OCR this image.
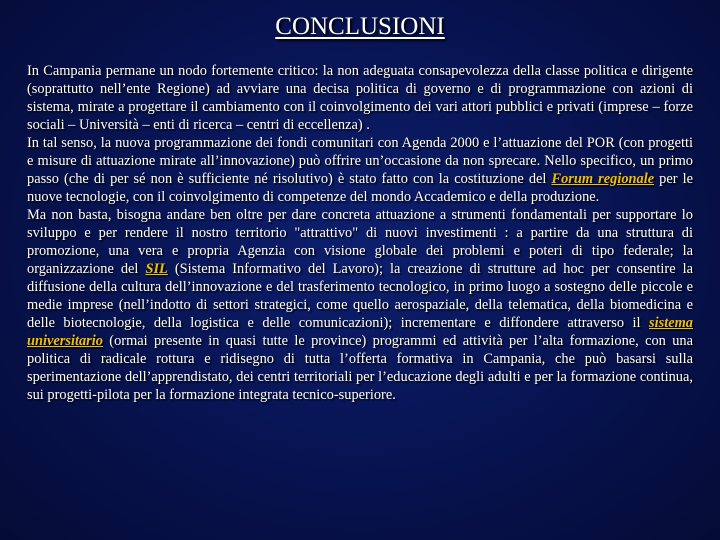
CONCLUSIONI

In Campania permane un nodo fortemente critico: la non adeguata consapevolezza della classe politica e dirigente (soprattutto nell’ente Regione) ad avviare una decisa politica di governo e di programmazione con azioni di sistema, mirate a progettare il cambiamento con il coinvolgimento dei vari attori pubblici e privati (imprese – forze sociali – Università – enti di ricerca – centri di eccellenza) .

In tal senso, la nuova programmazione dei fondi comunitari con Agenda 2000 e l’attuazione del POR (con progetti e misure di attuazione mirate all’innovazione) può offrire un’occasione da non sprecare. Nello specifico, un primo passo (che di per sé non è sufficiente né risolutivo) è stato fatto con la costituzione del Forum regionale per le nuove tecnologie, con il coinvolgimento di competenze del mondo Accademico e della produzione.

Ma non basta, bisogna andare ben oltre per dare concreta attuazione a strumenti fondamentali per supportare lo sviluppo e per rendere il nostro territorio "attrattivo" di nuovi investimenti : a partire da una struttura di promozione, una vera e propria Agenzia con visione globale dei problemi e poteri di tipo federale; la organizzazione del SIL (Sistema Informativo del Lavoro); la creazione di strutture ad hoc per consentire la diffusione della cultura dell’innovazione e del trasferimento tecnologico, in primo luogo a sostegno delle piccole e medie imprese (nell’indotto di settori strategici, come quello aerospaziale, della telematica, della biomedicina e delle biotecnologie, della logistica e delle comunicazioni); incrementare e diffondere attraverso il sistema universitario (ormai presente in quasi tutte le province) programmi ed attività per l’alta formazione, con una politica di radicale rottura e ridisegno di tutta l’offerta formativa in Campania, che può basarsi sulla sperimentazione dell’apprendistato, dei centri territoriali per l’educazione degli adulti e per la formazione continua, sui progetti-pilota per la formazione integrata tecnico-superiore.
